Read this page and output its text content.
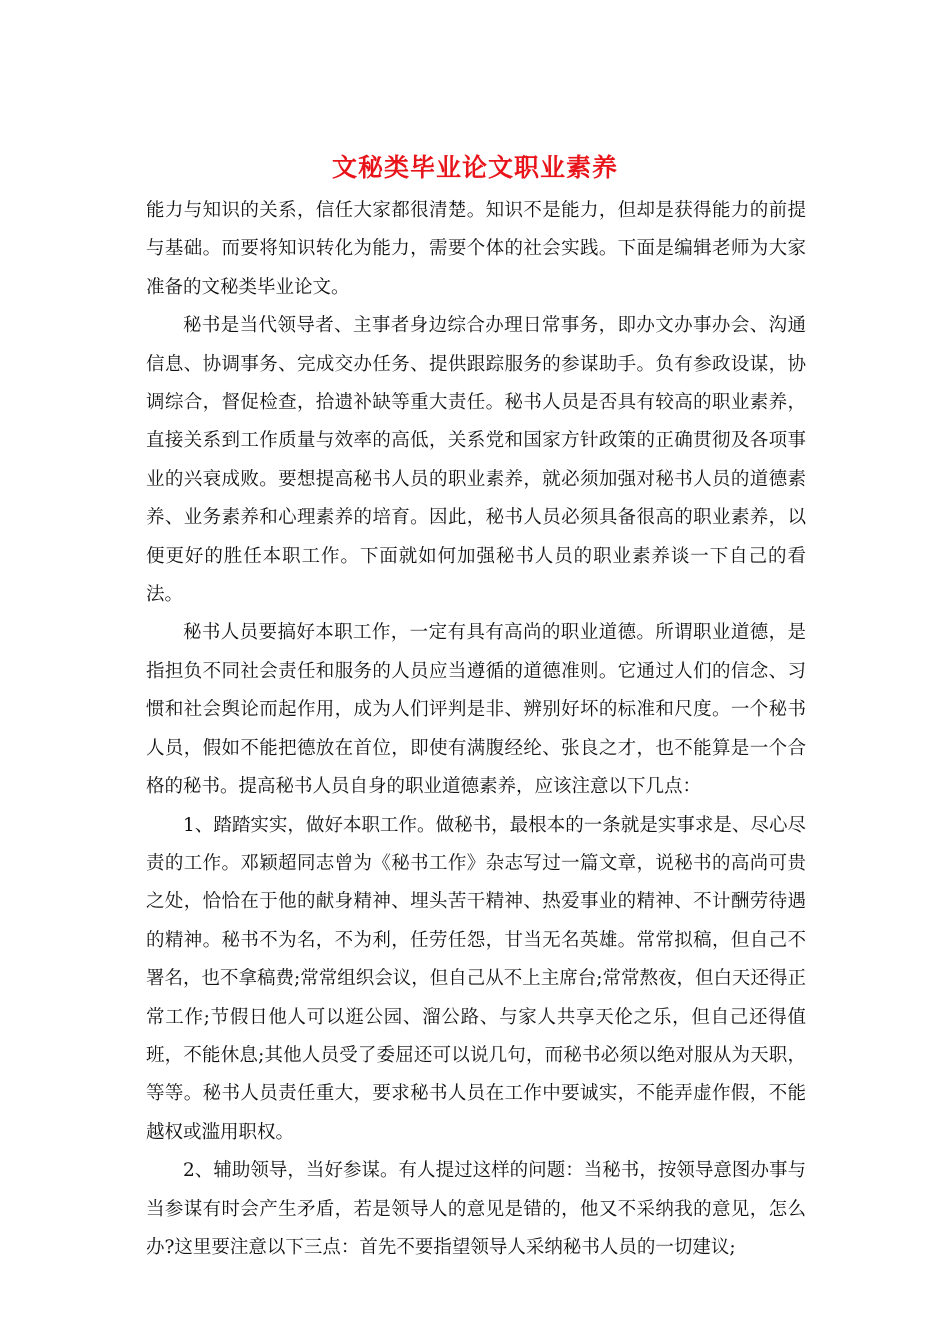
文秘类毕业论文职业素养

能力与知识的关系，信任大家都很清楚。知识不是能力，但却是获得能力的前提与基础。而要将知识转化为能力，需要个体的社会实践。下面是编辑老师为大家准备的文秘类毕业论文。

秘书是当代领导者、主事者身边综合办理日常事务，即办文办事办会、沟通信息、协调事务、完成交办任务、提供跟踪服务的参谋助手。负有参政设谋，协调综合，督促检查，拾遗补缺等重大责任。秘书人员是否具有较高的职业素养，直接关系到工作质量与效率的高低，关系党和国家方针政策的正确贯彻及各项事业的兴衰成败。要想提高秘书人员的职业素养，就必须加强对秘书人员的道德素养、业务素养和心理素养的培育。因此，秘书人员必须具备很高的职业素养，以便更好的胜任本职工作。下面就如何加强秘书人员的职业素养谈一下自己的看法。

秘书人员要搞好本职工作，一定有具有高尚的职业道德。所谓职业道德，是指担负不同社会责任和服务的人员应当遵循的道德准则。它通过人们的信念、习惯和社会舆论而起作用，成为人们评判是非、辨别好坏的标准和尺度。一个秘书人员，假如不能把德放在首位，即使有满腹经纶、张良之才，也不能算是一个合格的秘书。提高秘书人员自身的职业道德素养，应该注意以下几点：

1、踏踏实实，做好本职工作。做秘书，最根本的一条就是实事求是、尽心尽责的工作。邓颖超同志曾为《秘书工作》杂志写过一篇文章，说秘书的高尚可贵之处，恰恰在于他的献身精神、埋头苦干精神、热爱事业的精神、不计酬劳待遇的精神。秘书不为名，不为利，任劳任怨，甘当无名英雄。常常拟稿，但自己不署名，也不拿稿费;常常组织会议，但自己从不上主席台;常常熬夜，但白天还得正常工作;节假日他人可以逛公园、溜公路、与家人共享天伦之乐，但自己还得值班，不能休息;其他人员受了委屈还可以说几句，而秘书必须以绝对服从为天职，等等。秘书人员责任重大，要求秘书人员在工作中要诚实，不能弄虚作假，不能越权或滥用职权。

2、辅助领导，当好参谋。有人提过这样的问题：当秘书，按领导意图办事与当参谋有时会产生矛盾，若是领导人的意见是错的，他又不采纳我的意见，怎么办?这里要注意以下三点：首先不要指望领导人采纳秘书人员的一切建议;
